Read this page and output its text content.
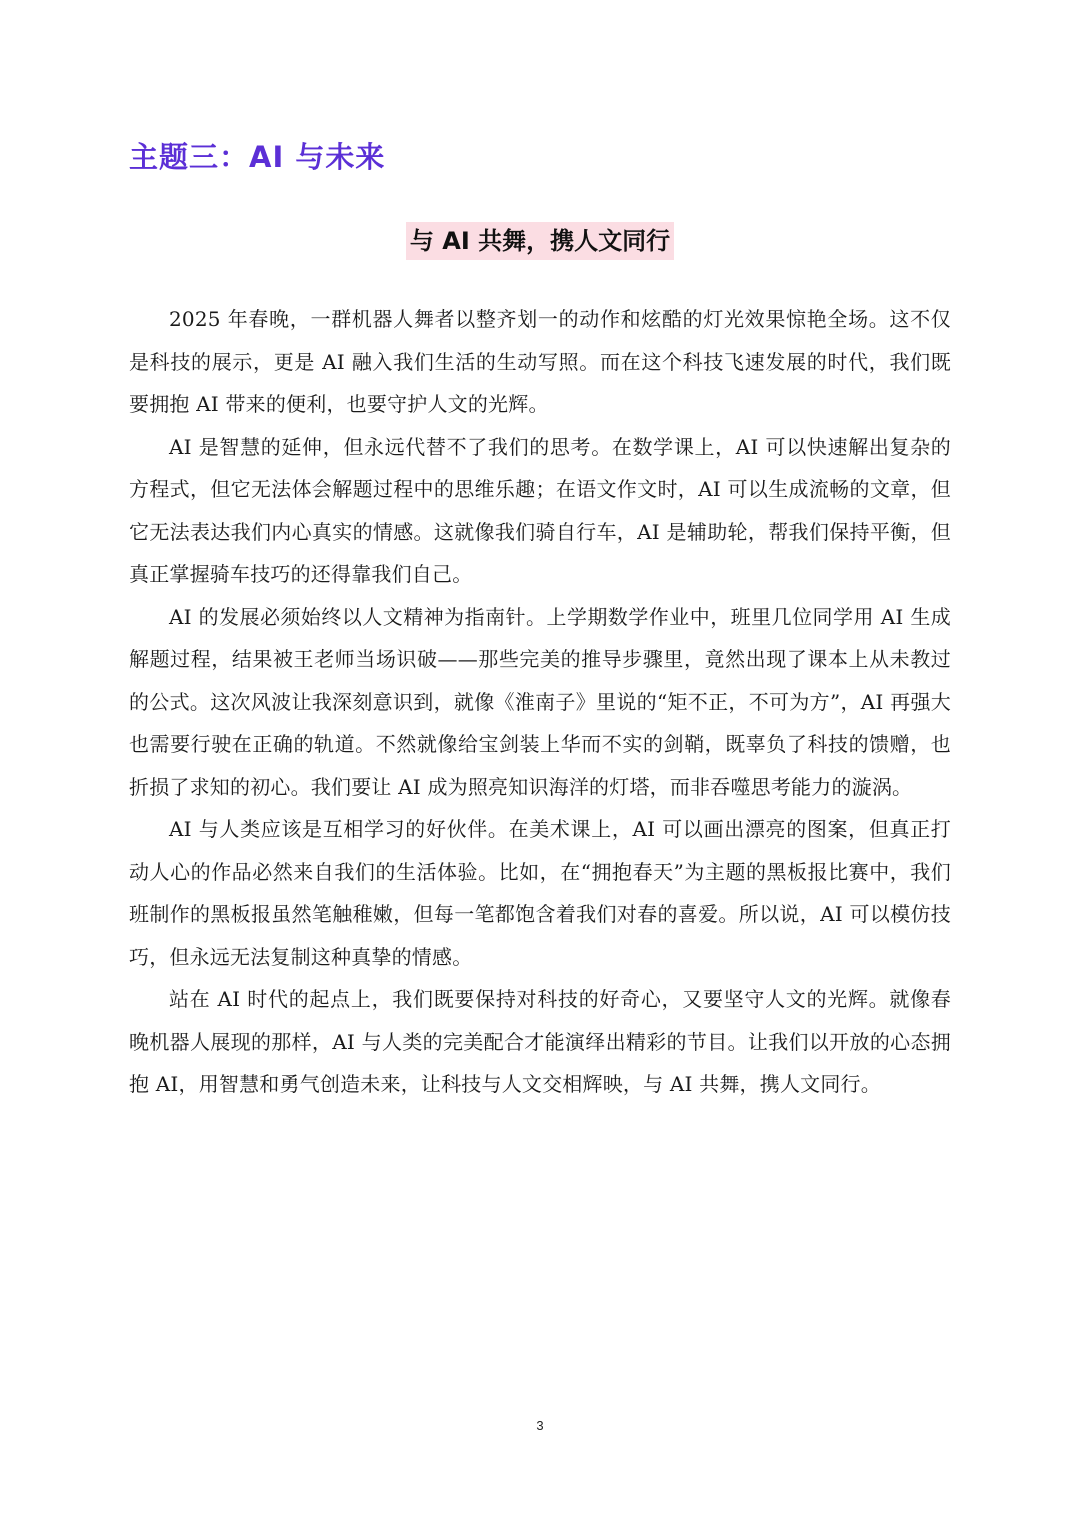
主题三：AI 与未来
与 AI 共舞，携人文同行

2025 年春晚，一群机器人舞者以整齐划一的动作和炫酷的灯光效果惊艳全场。这不仅是科技的展示，更是 AI 融入我们生活的生动写照。而在这个科技飞速发展的时代，我们既要拥抱 AI 带来的便利，也要守护人文的光辉。

AI 是智慧的延伸，但永远代替不了我们的思考。在数学课上，AI 可以快速解出复杂的方程式，但它无法体会解题过程中的思维乐趣；在语文作文时，AI 可以生成流畅的文章，但它无法表达我们内心真实的情感。这就像我们骑自行车，AI 是辅助轮，帮我们保持平衡，但真正掌握骑车技巧的还得靠我们自己。

AI 的发展必须始终以人文精神为指南针。上学期数学作业中，班里几位同学用 AI 生成解题过程，结果被王老师当场识破——那些完美的推导步骤里，竟然出现了课本上从未教过的公式。这次风波让我深刻意识到，就像《淮南子》里说的“矩不正，不可为方”，AI 再强大也需要行驶在正确的轨道。不然就像给宝剑装上华而不实的剑鞘，既辜负了科技的馈赠，也折损了求知的初心。我们要让 AI 成为照亮知识海洋的灯塔，而非吞噬思考能力的漩涡。

AI 与人类应该是互相学习的好伙伴。在美术课上，AI 可以画出漂亮的图案，但真正打动人心的作品必然来自我们的生活体验。比如，在“拥抱春天”为主题的黑板报比赛中，我们班制作的黑板报虽然笔触稚嫩，但每一笔都饱含着我们对春的喜爱。所以说，AI 可以模仿技巧，但永远无法复制这种真挚的情感。

站在 AI 时代的起点上，我们既要保持对科技的好奇心，又要坚守人文的光辉。就像春晚机器人展现的那样，AI 与人类的完美配合才能演绎出精彩的节目。让我们以开放的心态拥抱 AI，用智慧和勇气创造未来，让科技与人文交相辉映，与 AI 共舞，携人文同行。

3
